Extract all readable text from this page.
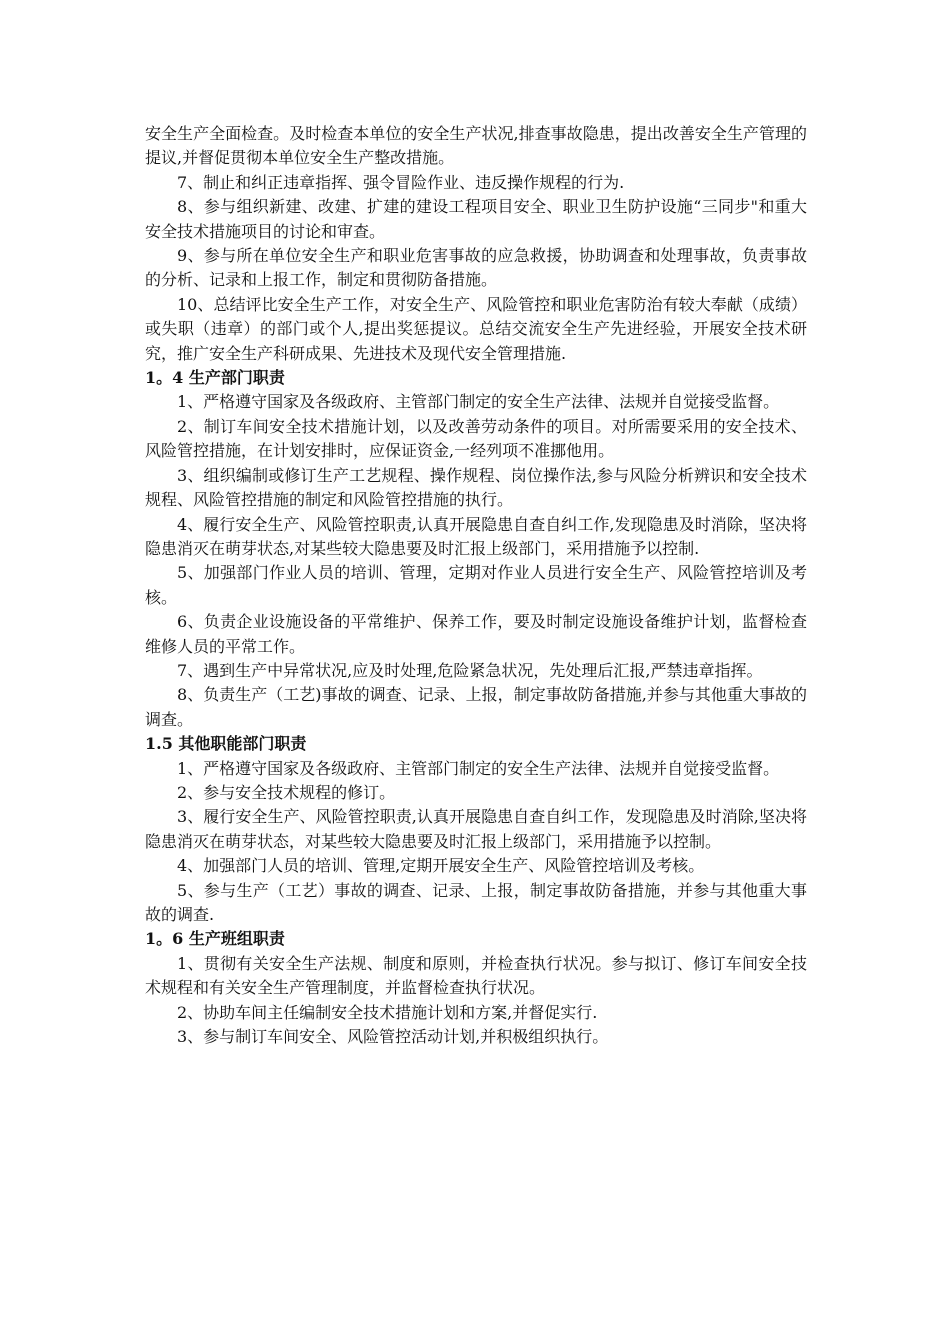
安全生产全面检查。及时检查本单位的安全生产状况,排查事故隐患，提出改善安全生产管理的提议,并督促贯彻本单位安全生产整改措施。

7、制止和纠正违章指挥、强令冒险作业、违反操作规程的行为.

8、参与组织新建、改建、扩建的建设工程项目安全、职业卫生防护设施“三同步"和重大安全技术措施项目的讨论和审查。

9、参与所在单位安全生产和职业危害事故的应急救援，协助调查和处理事故，负责事故的分析、记录和上报工作，制定和贯彻防备措施。

10、总结评比安全生产工作，对安全生产、风险管控和职业危害防治有较大奉献（成绩）或失职（违章）的部门或个人,提出奖惩提议。总结交流安全生产先进经验，开展安全技术研究，推广安全生产科研成果、先进技术及现代安全管理措施.

1。4 生产部门职责

1、严格遵守国家及各级政府、主管部门制定的安全生产法律、法规并自觉接受监督。

2、制订车间安全技术措施计划，以及改善劳动条件的项目。对所需要采用的安全技术、风险管控措施，在计划安排时，应保证资金,一经列项不准挪他用。

3、组织编制或修订生产工艺规程、操作规程、岗位操作法,参与风险分析辨识和安全技术规程、风险管控措施的制定和风险管控措施的执行。

4、履行安全生产、风险管控职责,认真开展隐患自查自纠工作,发现隐患及时消除，坚决将隐患消灭在萌芽状态,对某些较大隐患要及时汇报上级部门，采用措施予以控制.

5、加强部门作业人员的培训、管理，定期对作业人员进行安全生产、风险管控培训及考核。

6、负责企业设施设备的平常维护、保养工作，要及时制定设施设备维护计划，监督检查维修人员的平常工作。

7、遇到生产中异常状况,应及时处理,危险紧急状况，先处理后汇报,严禁违章指挥。

8、负责生产（工艺)事故的调查、记录、上报，制定事故防备措施,并参与其他重大事故的调查。

1.5 其他职能部门职责

1、严格遵守国家及各级政府、主管部门制定的安全生产法律、法规并自觉接受监督。

2、参与安全技术规程的修订。

3、履行安全生产、风险管控职责,认真开展隐患自查自纠工作，发现隐患及时消除,坚决将隐患消灭在萌芽状态，对某些较大隐患要及时汇报上级部门，采用措施予以控制。

4、加强部门人员的培训、管理,定期开展安全生产、风险管控培训及考核。

5、参与生产（工艺）事故的调查、记录、上报，制定事故防备措施，并参与其他重大事故的调查.

1。6 生产班组职责

1、贯彻有关安全生产法规、制度和原则，并检查执行状况。参与拟订、修订车间安全技术规程和有关安全生产管理制度，并监督检查执行状况。

2、协助车间主任编制安全技术措施计划和方案,并督促实行.

3、参与制订车间安全、风险管控活动计划,并积极组织执行。
